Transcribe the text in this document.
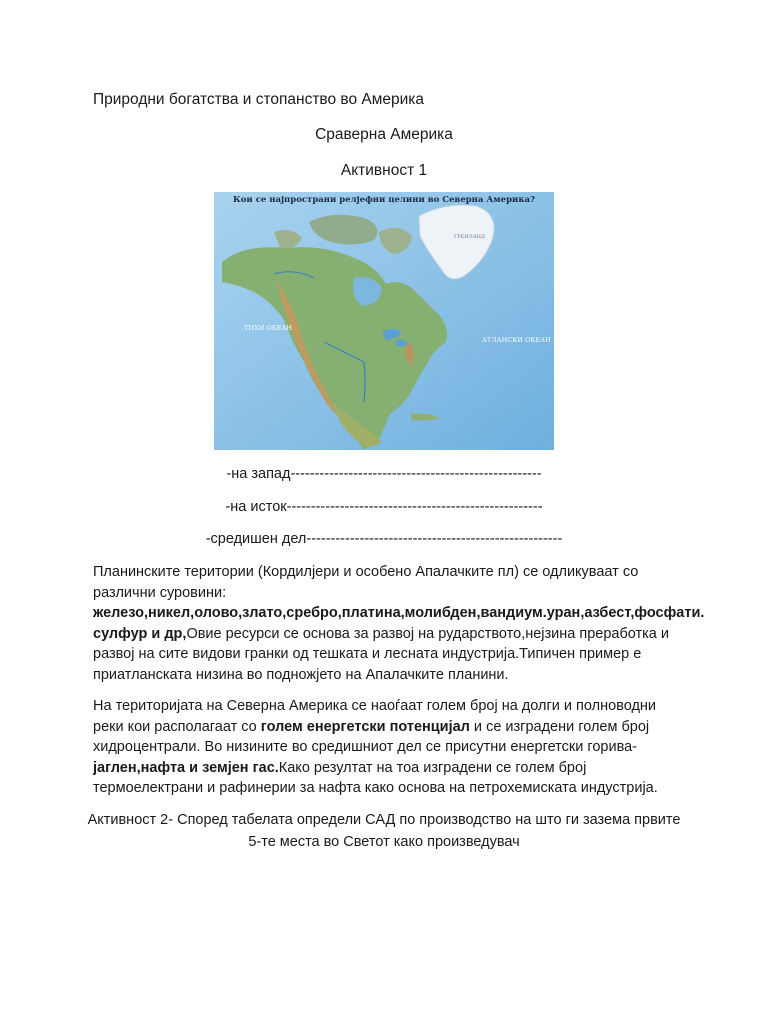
Природни богатства и стопанство во Америка
Сраверна Америка
Активност 1
Кои се најпространи релјефни целини во Северна Америка?
ТИХИ ОКЕАН
АТЛАНСКИ ОКЕАН
ГРЕНЛАНД
-на запад----------------------------------------------------
-на исток-----------------------------------------------------
-средишен дел-----------------------------------------------------

Планинските територии (Кордилјери и особено Апалачките пл) се одликуваат со

различни суровини:

железо,никел,олово,злато,сребро,платина,молибден,вандиум.уран,азбест,фосфати.

сулфур и др,Овие ресурси се основа за развој на рударството,нејзина преработка и

развој на сите видови гранки од тешката и лесната индустрија.Типичен пример е

приатланската низина во подножјето на Апалачките планини.

На територијата на Северна Америка се наоѓаат голем број на долги и полноводни

реки кои располагаат со голем енергетски потенцијал и се изградени голем број

хидроцентрали. Во низините во средишниот дел се присутни енергетски горива-

јаглен,нафта и земјен гас.Како резултат на тоа изградени се голем број

термоелектрани и рафинерии за нафта како основа на петрохемиската индустрија.

Активност 2- Според табелата определи САД по производство на што ги зазема првите
5-те места во Светот како произведувач
